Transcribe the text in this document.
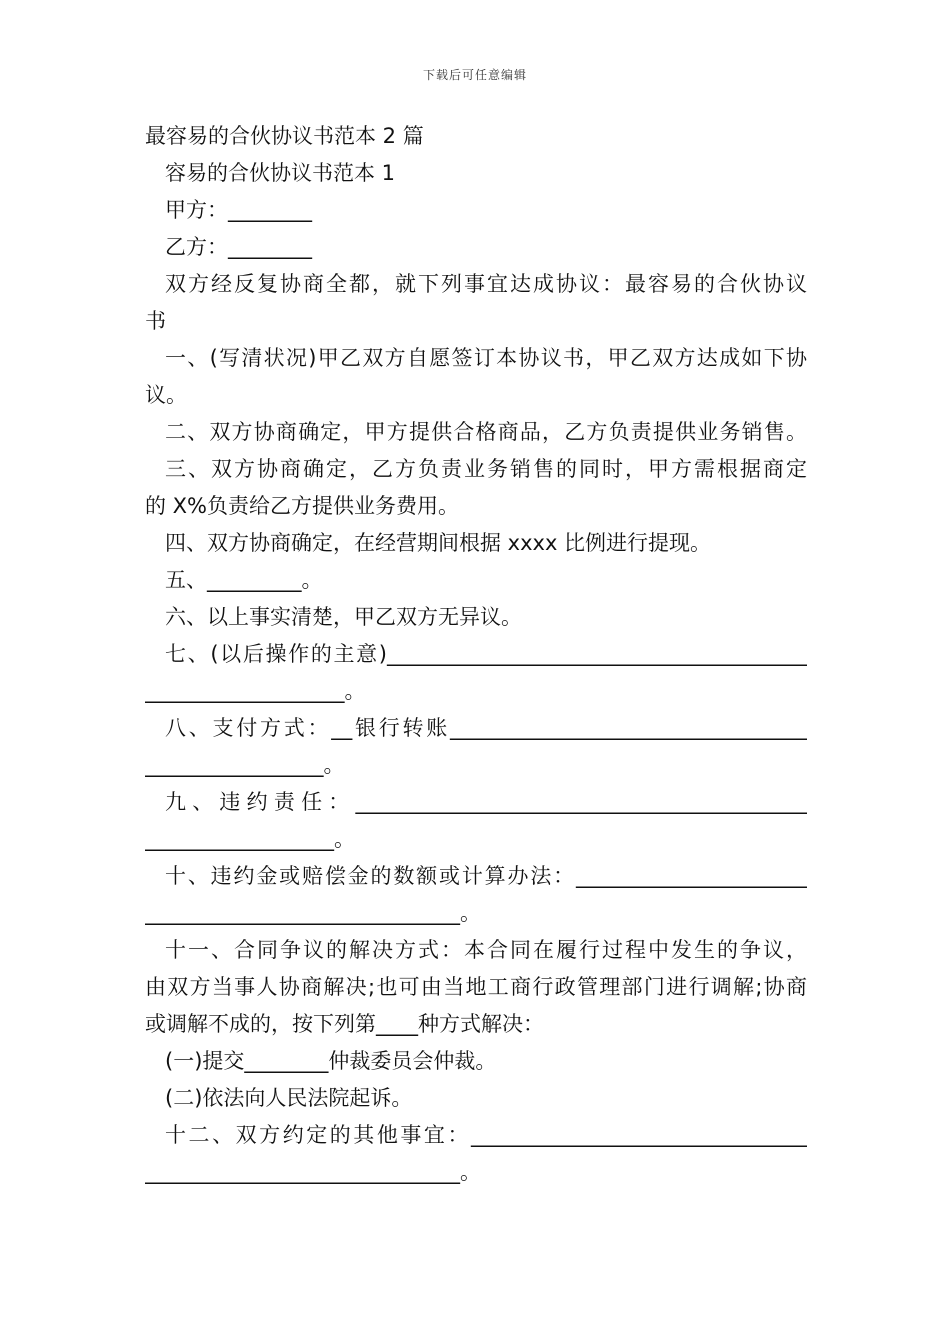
下载后可任意编辑
最容易的合伙协议书范本 2 篇
容易的合伙协议书范本 1
甲方：________
乙方：________
双方经反复协商全都，就下列事宜达成协议：最容易的合伙协议
书
一、(写清状况)甲乙双方自愿签订本协议书，甲乙双方达成如下协
议。
二、双方协商确定，甲方提供合格商品，乙方负责提供业务销售。
三、双方协商确定，乙方负责业务销售的同时，甲方需根据商定
的 X%负责给乙方提供业务费用。
四、双方协商确定，在经营期间根据 xxxx 比例进行提现。
五、_________。
六、以上事实清楚，甲乙双方无异议。
七、(以后操作的主意)________________________________________
___________________。
八、支付方式：__银行转账__________________________________
_________________。
九、违约责任：___________________________________________
__________________。
十、违约金或赔偿金的数额或计算办法：______________________
______________________________。
十一、合同争议的解决方式：本合同在履行过程中发生的争议，
由双方当事人协商解决;也可由当地工商行政管理部门进行调解;协商
或调解不成的，按下列第____种方式解决：
(一)提交________仲裁委员会仲裁。
(二)依法向人民法院起诉。
十二、双方约定的其他事宜：________________________________
______________________________。
